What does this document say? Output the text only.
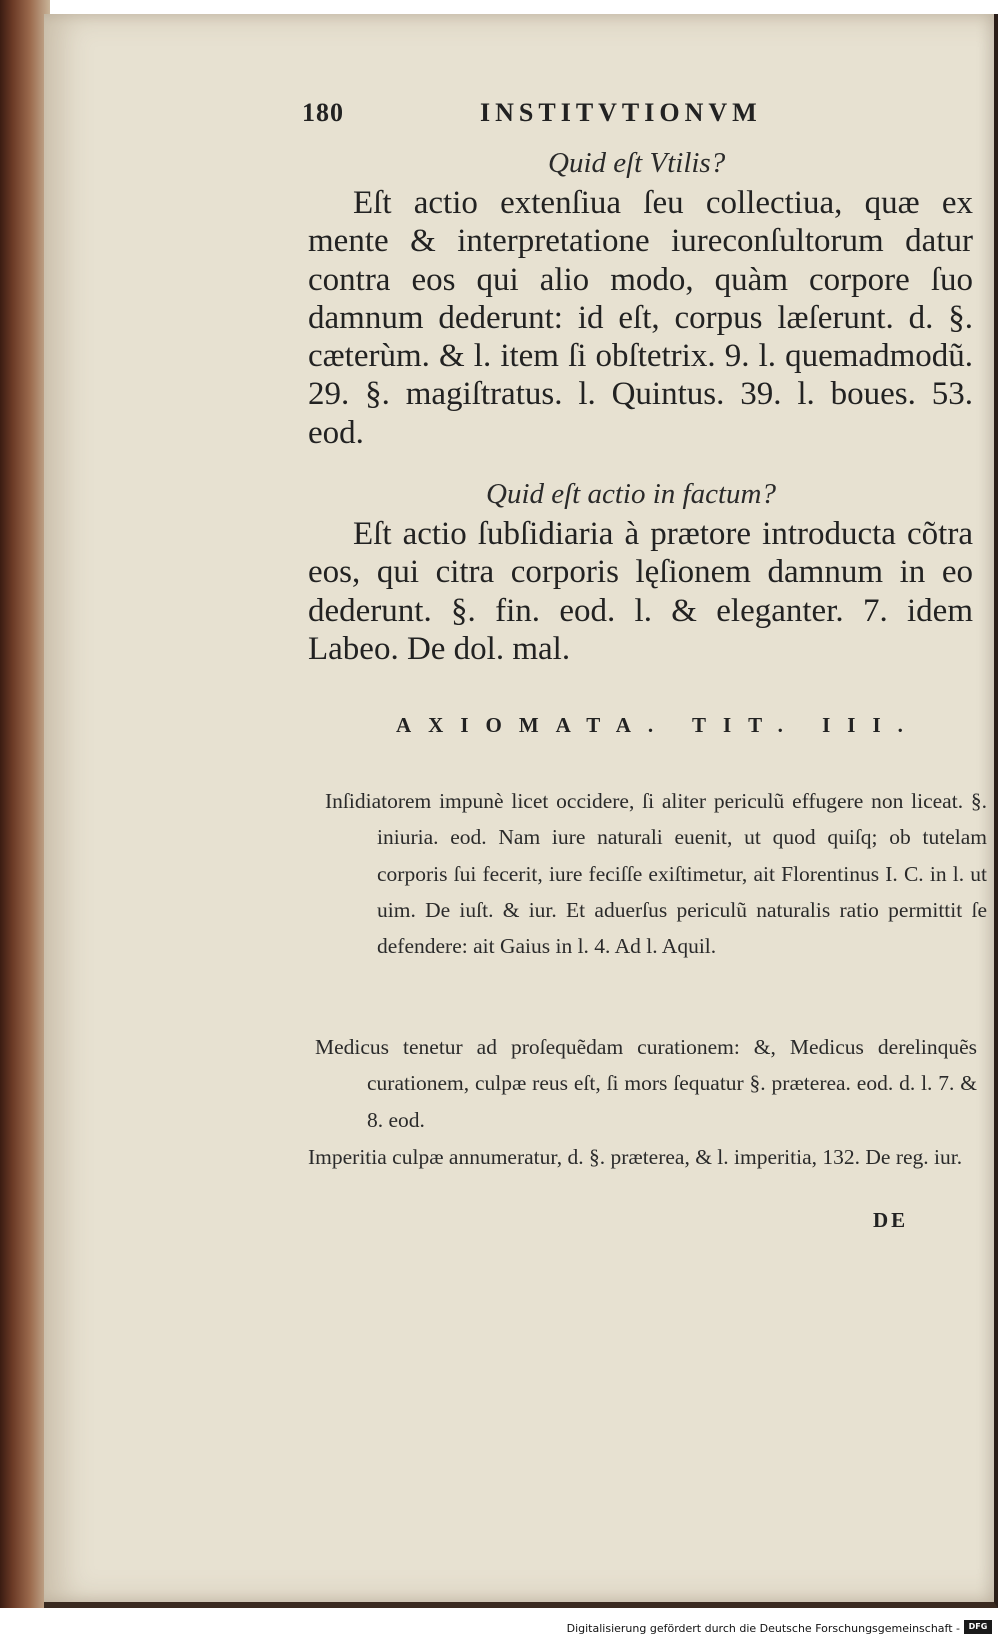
180	INSTITVTIONVM
Quid eſt Vtilis?
Eſt actio extenſiua ſeu collectiua, quæ ex mente & interpretatione iureconſultorum datur contra eos qui alio modo, quàm corpore ſuo damnum dederunt: id eſt, corpus læſerunt. d. §. cæterùm. & l. item ſi obſtetrix. 9. l. quemadmodũ. 29. §. magiſtratus. l. Quintus. 39. l. boues. 53. eod.
Quid eſt actio in factum?
Eſt actio ſubſidiaria à prætore introducta cõtra eos, qui citra corporis lęſionem damnum in eo dederunt. §. fin. eod. l. & eleganter. 7. idem Labeo. De dol. mal.
AXIOMATA. TIT. III.
Inſidiatorem impunè licet occidere, ſi aliter periculũ effugere non liceat. §. iniuria. eod. Nam iure naturali euenit, ut quod quiſq; ob tutelam corporis ſui fecerit, iure feciſſe exiſtimetur, ait Florentinus I. C. in l. ut uim. De iuſt. & iur. Et aduerſus periculũ naturalis ratio permittit ſe defendere: ait Gaius in l. 4. Ad l. Aquil.
Medicus tenetur ad proſequẽdam curationem: &, Medicus derelinquẽs curationem, culpæ reus eſt, ſi mors ſequatur §. præterea. eod. d. l. 7. & 8. eod.
Imperitia culpæ annumeratur, d. §. præterea, & l. imperitia, 132. De reg. iur.
DE
Digitalisierung gefördert durch die Deutsche Forschungsgemeinschaft -	DFG
